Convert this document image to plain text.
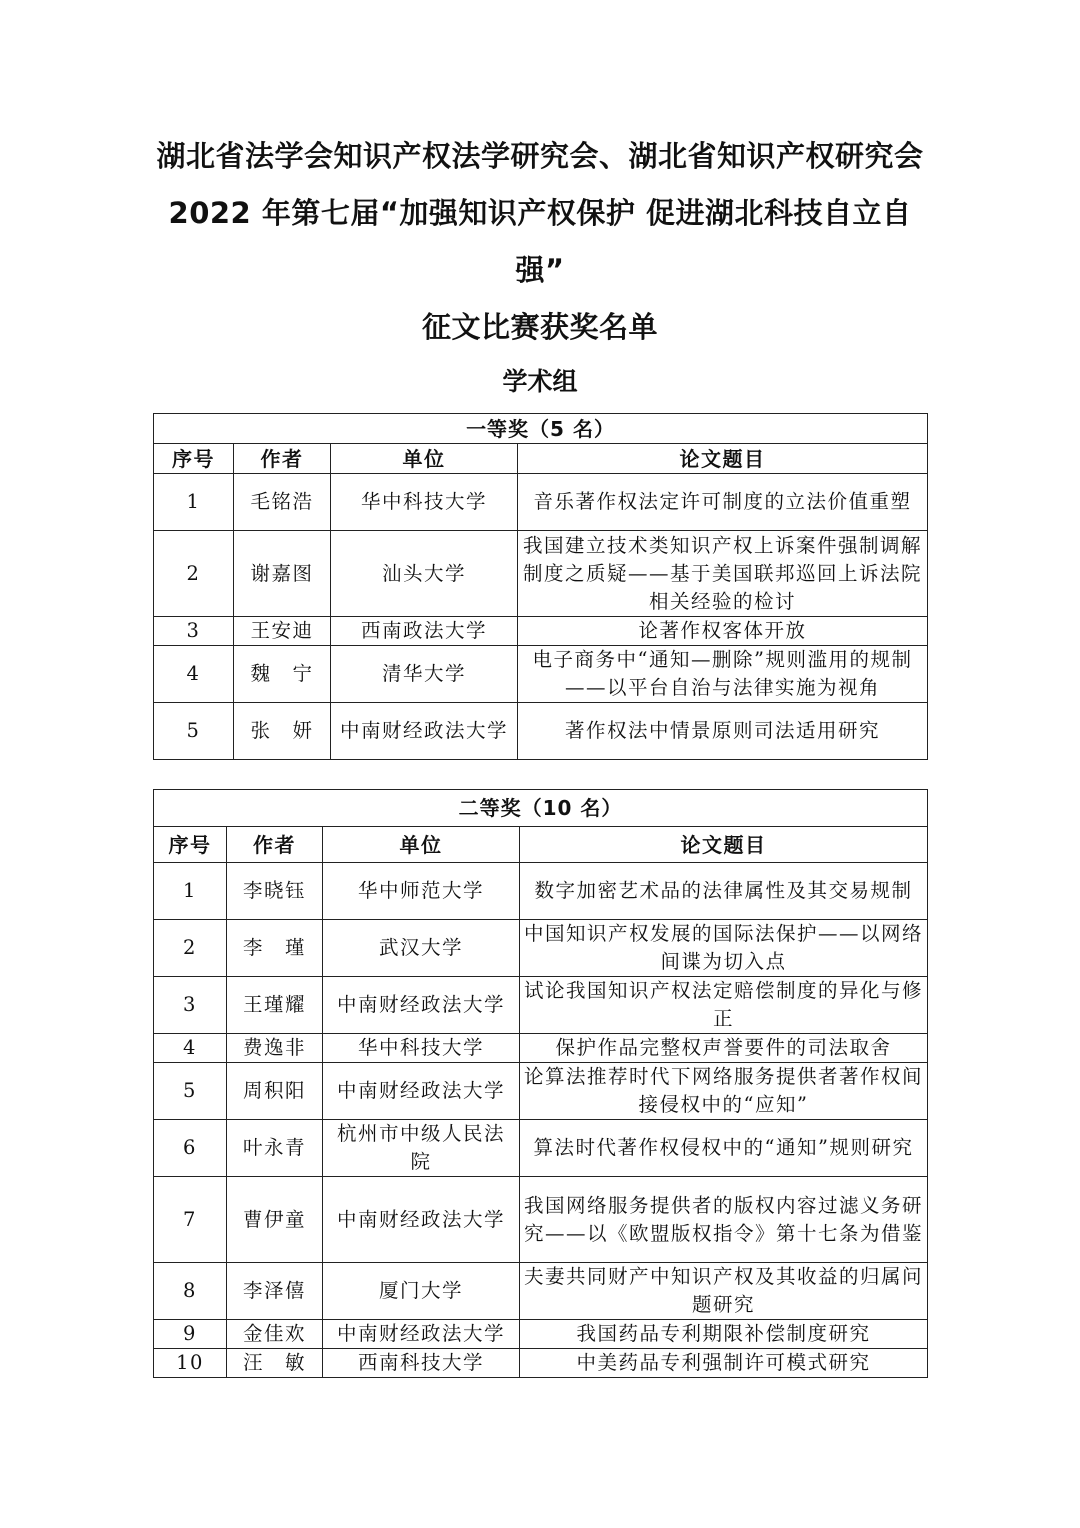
湖北省法学会知识产权法学研究会、湖北省知识产权研究会
2022 年第七届“加强知识产权保护 促进湖北科技自立自
强”
征文比赛获奖名单
学术组
一等奖（5 名）			
序号	作者	单位	论文题目
1	毛铭浩	华中科技大学	音乐著作权法定许可制度的立法价值重塑
2	谢嘉图	汕头大学	我国建立技术类知识产权上诉案件强制调解制度之质疑——基于美国联邦巡回上诉法院相关经验的检讨
3	王安迪	西南政法大学	论著作权客体开放
4	魏　宁	清华大学	电子商务中“通知—删除”规则滥用的规制——以平台自治与法律实施为视角
5	张　妍	中南财经政法大学	著作权法中情景原则司法适用研究
二等奖（10 名）			
序号	作者	单位	论文题目
1	李晓钰	华中师范大学	数字加密艺术品的法律属性及其交易规制
2	李　瑾	武汉大学	中国知识产权发展的国际法保护——以网络间谍为切入点
3	王瑾耀	中南财经政法大学	试论我国知识产权法定赔偿制度的异化与修正
4	费逸非	华中科技大学	保护作品完整权声誉要件的司法取舍
5	周积阳	中南财经政法大学	论算法推荐时代下网络服务提供者著作权间接侵权中的“应知”
6	叶永青	杭州市中级人民法院	算法时代著作权侵权中的“通知”规则研究
7	曹伊童	中南财经政法大学	我国网络服务提供者的版权内容过滤义务研究——以《欧盟版权指令》第十七条为借鉴
8	李泽僖	厦门大学	夫妻共同财产中知识产权及其收益的归属问题研究
9	金佳欢	中南财经政法大学	我国药品专利期限补偿制度研究
10	汪　敏	西南科技大学	中美药品专利强制许可模式研究
